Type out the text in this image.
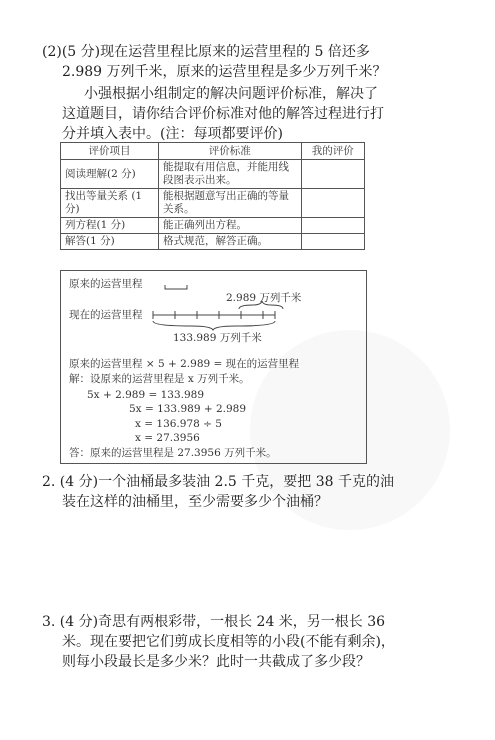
(2)(5 分)现在运营里程比原来的运营里程的 5 倍还多
2.989 万列千米，原来的运营里程是多少万列千米？
小强根据小组制定的解决问题评价标准，解决了
这道题目，请你结合评价标准对他的解答过程进行打
分并填入表中。(注：每项都要评价)
评价项目	评价标准	我的评价
阅读理解(2 分)	能提取有用信息，并能用线段图表示出来。	
找出等量关系 (1 分)	能根据题意写出正确的等量关系。	
列方程(1 分)	能正确列出方程。	
解答(1 分)	格式规范，解答正确。	
原来的运营里程
2.989 万列千米
现在的运营里程
133.989 万列千米
原来的运营里程 × 5 + 2.989 = 现在的运营里程
解：设原来的运营里程是 x 万列千米。
5x + 2.989 = 133.989
5x = 133.989 + 2.989
x = 136.978 ÷ 5
x = 27.3956
答：原来的运营里程是 27.3956 万列千米。
2. (4 分)一个油桶最多装油 2.5 千克，要把 38 千克的油
装在这样的油桶里，至少需要多少个油桶？
3. (4 分)奇思有两根彩带，一根长 24 米，另一根长 36
米。现在要把它们剪成长度相等的小段(不能有剩余)，
则每小段最长是多少米？此时一共截成了多少段？
